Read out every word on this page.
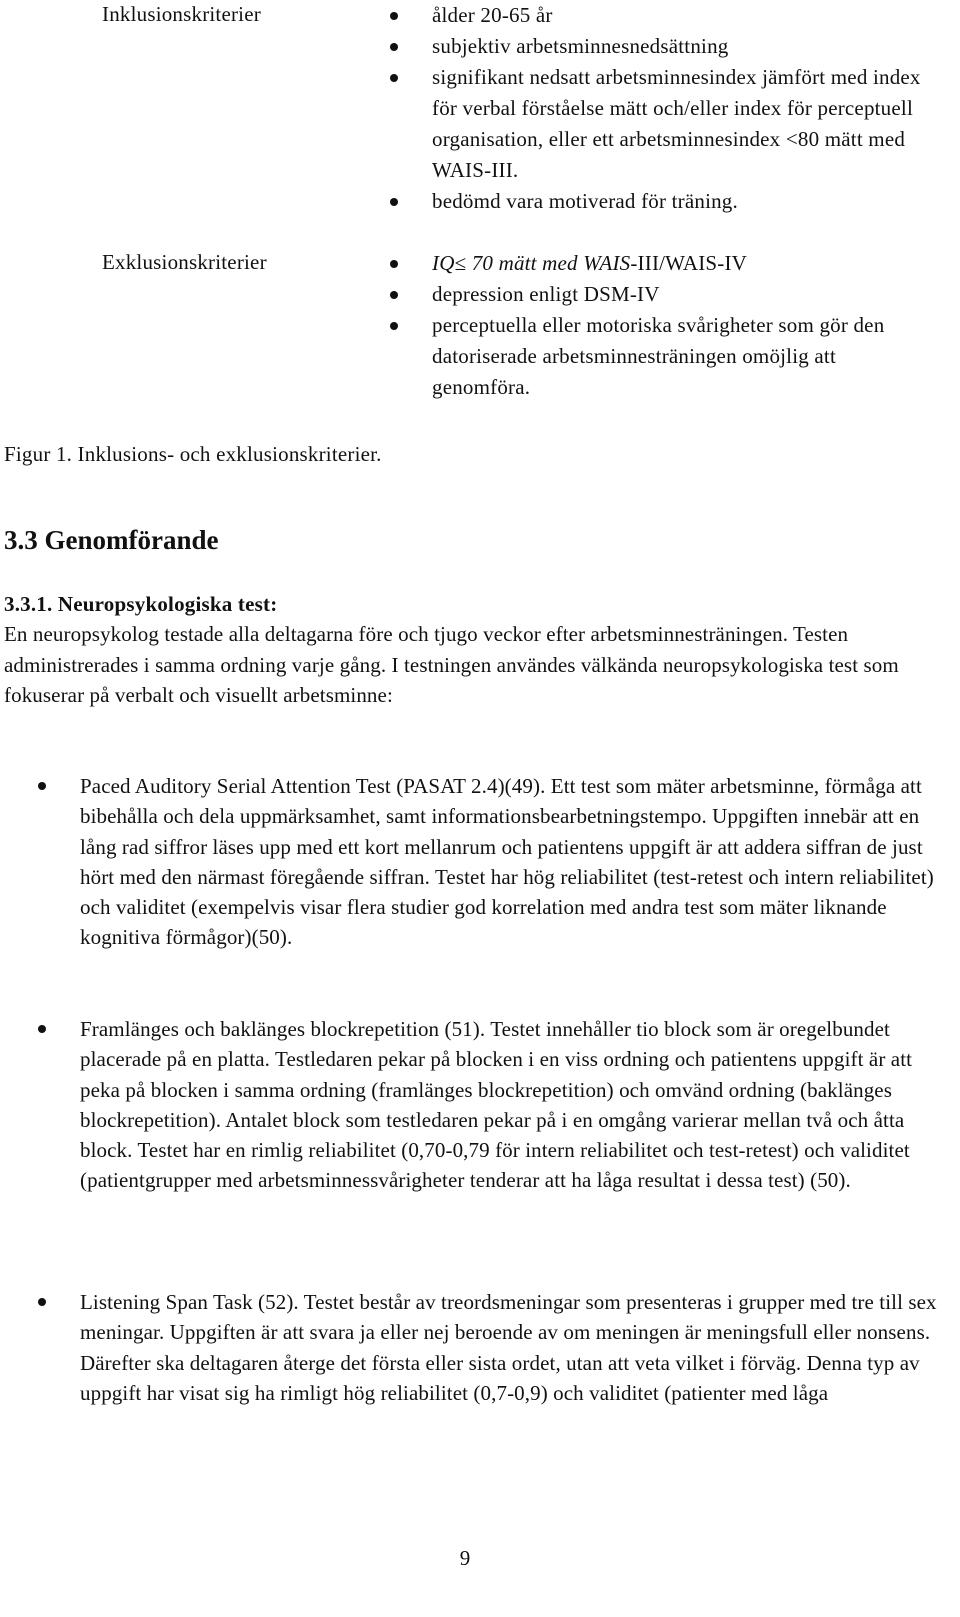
Inklusionskriterier	ålder 20-65 år
subjektiv arbetsminnesnedsättning
signifikant nedsatt arbetsminnesindex jämfört med index för verbal förståelse mätt och/eller index för perceptuell organisation, eller ett arbetsminnesindex <80 mätt med WAIS-III.
bedömd vara motiverad för träning.
Exklusionskriterier	IQ≤ 70 mätt med WAIS-III/WAIS-IV
depression enligt DSM-IV
perceptuella eller motoriska svårigheter som gör den datoriserade arbetsminnesträningen omöjlig att genomföra.
Figur 1. Inklusions- och exklusionskriterier.
3.3 Genomförande
3.3.1. Neuropsykologiska test:

En neuropsykolog testade alla deltagarna före och tjugo veckor efter arbetsminnesträningen. Testen administrerades i samma ordning varje gång. I testningen användes välkända neuropsykologiska test som fokuserar på verbalt och visuellt arbetsminne:

Paced Auditory Serial Attention Test (PASAT 2.4)(49). Ett test som mäter arbetsminne, förmåga att bibehålla och dela uppmärksamhet, samt informationsbearbetningstempo. Uppgiften innebär att en lång rad siffror läses upp med ett kort mellanrum och patientens uppgift är att addera siffran de just hört med den närmast föregående siffran. Testet har hög reliabilitet (test-retest och intern reliabilitet) och validitet (exempelvis visar flera studier god korrelation med andra test som mäter liknande kognitiva förmågor)(50).

Framlänges och baklänges blockrepetition (51). Testet innehåller tio block som är oregelbundet placerade på en platta. Testledaren pekar på blocken i en viss ordning och patientens uppgift är att peka på blocken i samma ordning (framlänges blockrepetition) och omvänd ordning (baklänges blockrepetition). Antalet block som testledaren pekar på i en omgång varierar mellan två och åtta block. Testet har en rimlig reliabilitet (0,70-0,79 för intern reliabilitet och test-retest) och validitet (patientgrupper med arbetsminnessvårigheter tenderar att ha låga resultat i dessa test) (50).

Listening Span Task (52). Testet består av treordsmeningar som presenteras i grupper med tre till sex meningar. Uppgiften är att svara ja eller nej beroende av om meningen är meningsfull eller nonsens. Därefter ska deltagaren återge det första eller sista ordet, utan att veta vilket i förväg. Denna typ av uppgift har visat sig ha rimligt hög reliabilitet (0,7-0,9) och validitet (patienter med låga

9
